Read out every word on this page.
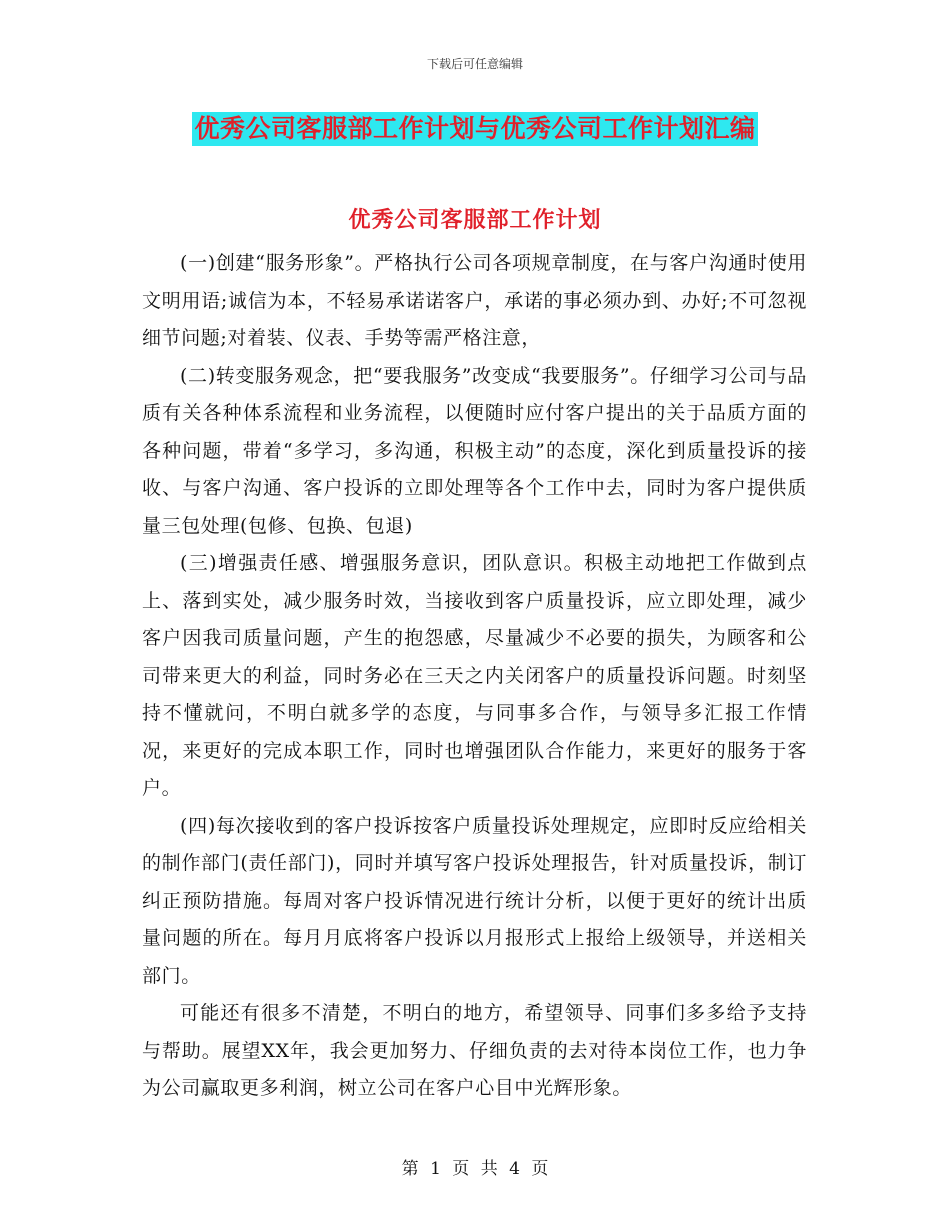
下载后可任意编辑
优秀公司客服部工作计划与优秀公司工作计划汇编
优秀公司客服部工作计划

(一)创建“服务形象”。严格执行公司各项规章制度，在与客户沟通时使用文明用语;诚信为本，不轻易承诺诺客户，承诺的事必须办到、办好;不可忽视细节问题;对着装、仪表、手势等需严格注意，

(二)转变服务观念，把“要我服务”改变成“我要服务”。仔细学习公司与品质有关各种体系流程和业务流程，以便随时应付客户提出的关于品质方面的各种问题，带着“多学习，多沟通，积极主动”的态度，深化到质量投诉的接收、与客户沟通、客户投诉的立即处理等各个工作中去，同时为客户提供质量三包处理(包修、包换、包退)

(三)增强责任感、增强服务意识，团队意识。积极主动地把工作做到点上、落到实处，减少服务时效，当接收到客户质量投诉，应立即处理，减少客户因我司质量问题，产生的抱怨感，尽量减少不必要的损失，为顾客和公司带来更大的利益，同时务必在三天之内关闭客户的质量投诉问题。时刻坚持不懂就问，不明白就多学的态度，与同事多合作，与领导多汇报工作情况，来更好的完成本职工作，同时也增强团队合作能力，来更好的服务于客户。

(四)每次接收到的客户投诉按客户质量投诉处理规定，应即时反应给相关的制作部门(责任部门)，同时并填写客户投诉处理报告，针对质量投诉，制订纠正预防措施。每周对客户投诉情况进行统计分析，以便于更好的统计出质量问题的所在。每月月底将客户投诉以月报形式上报给上级领导，并送相关部门。

可能还有很多不清楚，不明白的地方，希望领导、同事们多多给予支持与帮助。展望XX年，我会更加努力、仔细负责的去对待本岗位工作，也力争为公司赢取更多利润，树立公司在客户心目中光辉形象。

第 1 页 共 4 页
